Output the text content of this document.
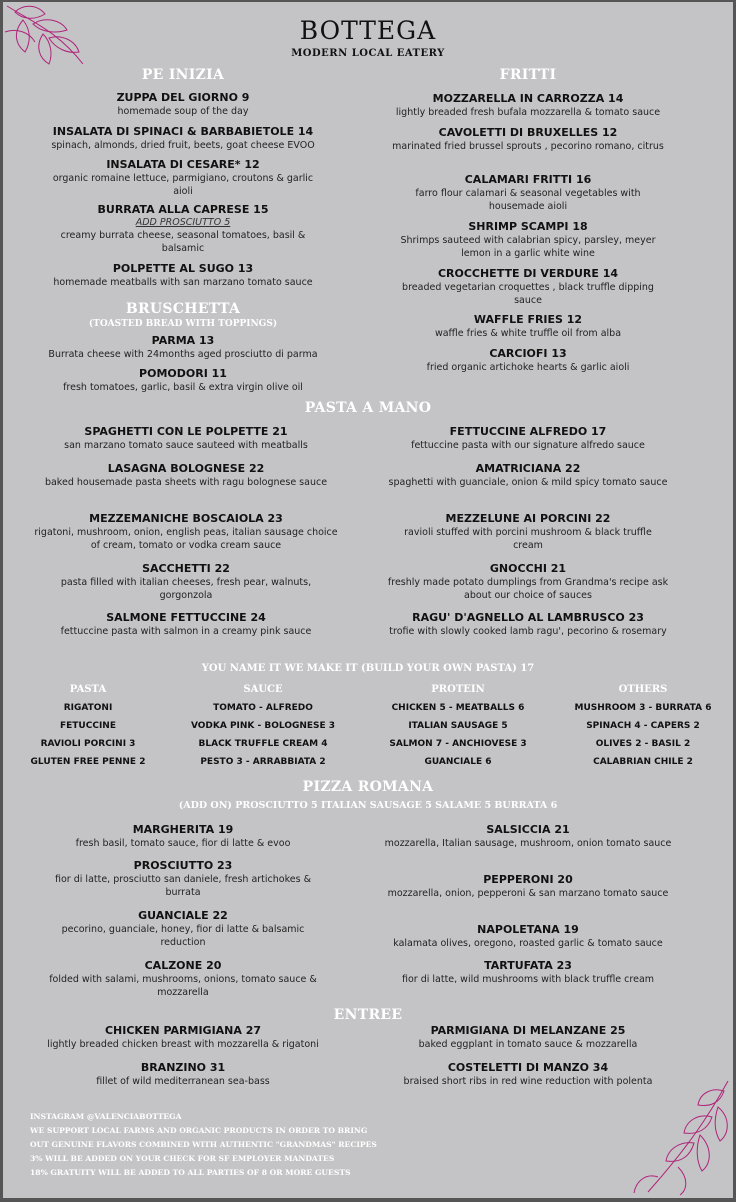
BOTTEGA
MODERN LOCAL EATERY
PE INIZIA
ZUPPA DEL GIORNO 9
homemade soup of the day
INSALATA DI SPINACI & BARBABIETOLE 14
spinach, almonds, dried fruit, beets, goat cheese EVOO
INSALATA DI CESARE* 12
organic romaine lettuce, parmigiano, croutons & garlic aioli
BURRATA ALLA CAPRESE 15
ADD PROSCIUTTO 5
creamy burrata cheese, seasonal tomatoes, basil & balsamic
POLPETTE AL SUGO 13
homemade meatballs with san marzano tomato sauce
BRUSCHETTA
(TOASTED BREAD WITH TOPPINGS)
PARMA 13
Burrata cheese with 24months aged prosciutto di parma
POMODORI 11
fresh tomatoes, garlic, basil & extra virgin olive oil
FRITTI
MOZZARELLA IN CARROZZA 14
lightly breaded fresh bufala mozzarella & tomato sauce
CAVOLETTI DI BRUXELLES 12
marinated fried brussel sprouts , pecorino romano, citrus
CALAMARI FRITTI 16
farro flour calamari & seasonal vegetables with housemade aioli
SHRIMP SCAMPI 18
Shrimps sauteed with calabrian spicy, parsley, meyer lemon in a garlic white wine
CROCCHETTE DI VERDURE 14
breaded vegetarian croquettes , black truffle dipping sauce
WAFFLE FRIES 12
waffle fries & white truffle oil from alba
CARCIOFI 13
fried organic artichoke hearts & garlic aioli
PASTA A MANO
SPAGHETTI CON LE POLPETTE 21
san marzano tomato sauce sauteed with meatballs
LASAGNA BOLOGNESE 22
baked housemade pasta sheets with ragu bolognese sauce
MEZZEMANICHE BOSCAIOLA 23
rigatoni, mushroom, onion, english peas, italian sausage choice of cream, tomato or vodka cream sauce
SACCHETTI 22
pasta filled with italian cheeses, fresh pear, walnuts, gorgonzola
SALMONE FETTUCCINE 24
fettuccine pasta with salmon in a creamy pink sauce
FETTUCCINE ALFREDO 17
fettuccine pasta with our signature alfredo sauce
AMATRICIANA 22
spaghetti with guanciale, onion & mild spicy tomato sauce
MEZZELUNE AI PORCINI 22
ravioli stuffed with porcini mushroom & black truffle cream
GNOCCHI 21
freshly made potato dumplings from Grandma's recipe ask about our choice of sauces
RAGU' D'AGNELLO AL LAMBRUSCO 23
trofie with slowly cooked lamb ragu', pecorino & rosemary
YOU NAME IT WE MAKE IT (BUILD YOUR OWN PASTA) 17
PASTA
RIGATONI
FETUCCINE
RAVIOLI PORCINI 3
GLUTEN FREE PENNE 2
SAUCE
TOMATO - ALFREDO
VODKA PINK - BOLOGNESE 3
BLACK TRUFFLE CREAM 4
PESTO 3 - ARRABBIATA 2
PROTEIN
CHICKEN 5 - MEATBALLS 6
ITALIAN SAUSAGE 5
SALMON 7 - ANCHIOVESE 3
GUANCIALE 6
OTHERS
MUSHROOM 3 - BURRATA 6
SPINACH 4 - CAPERS 2
OLIVES 2 - BASIL 2
CALABRIAN CHILE 2
PIZZA ROMANA
(ADD ON) PROSCIUTTO 5 ITALIAN SAUSAGE 5 SALAME 5 BURRATA 6
MARGHERITA 19
fresh basil, tomato sauce, fior di latte & evoo
PROSCIUTTO 23
fior di latte, prosciutto san daniele, fresh artichokes & burrata
GUANCIALE 22
pecorino, guanciale, honey, fior di latte & balsamic reduction
CALZONE 20
folded with salami, mushrooms, onions, tomato sauce & mozzarella
SALSICCIA 21
mozzarella, Italian sausage, mushroom, onion tomato sauce
PEPPERONI 20
mozzarella, onion, pepperoni & san marzano tomato sauce
NAPOLETANA 19
kalamata olives, oregono, roasted garlic & tomato sauce
TARTUFATA 23
fior di latte, wild mushrooms with black truffle cream
ENTREE
CHICKEN PARMIGIANA 27
lightly breaded chicken breast with mozzarella & rigatoni
BRANZINO 31
fillet of wild mediterranean sea-bass
PARMIGIANA DI MELANZANE 25
baked eggplant in tomato sauce & mozzarella
COSTELETTI DI MANZO 34
braised short ribs in red wine reduction with polenta
INSTAGRAM @VALENCIABOTTEGA
WE SUPPORT LOCAL FARMS AND ORGANIC PRODUCTS IN ORDER TO BRING
OUT GENUINE FLAVORS COMBINED WITH AUTHENTIC "GRANDMAS" RECIPES
3% WILL BE ADDED ON YOUR CHECK FOR SF EMPLOYER MANDATES
18% GRATUITY WILL BE ADDED TO ALL PARTIES OF 8 OR MORE GUESTS
